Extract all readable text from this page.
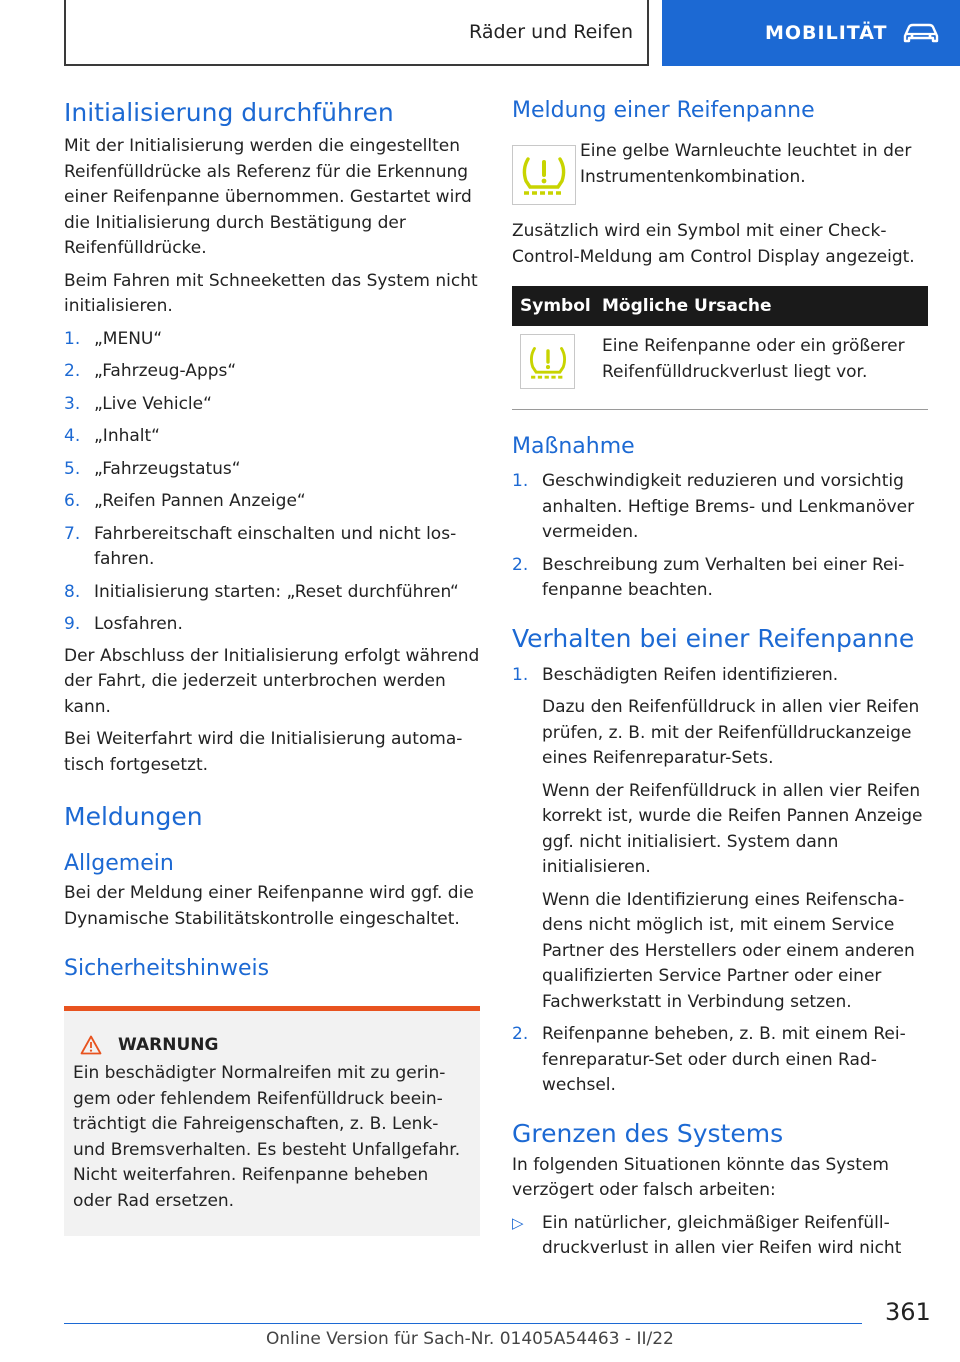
Räder und Reifen	MOBILITÄT
Initialisierung durchführen

Mit der Initialisierung werden die eingestellten Reifenfülldrücke als Referenz für die Erkennung einer Reifenpanne übernommen. Gestartet wird die Initialisierung durch Bestätigung der Reifenfülldrücke.

Beim Fahren mit Schneeketten das System nicht initialisieren.

1. „MENU“
2. „Fahrzeug-Apps“
3. „Live Vehicle“
4. „Inhalt“
5. „Fahrzeugstatus“
6. „Reifen Pannen Anzeige“
7. Fahrbereitschaft einschalten und nicht losfahren.
8. Initialisierung starten: „Reset durchführen“
9. Losfahren.

Der Abschluss der Initialisierung erfolgt während der Fahrt, die jederzeit unterbrochen werden kann.

Bei Weiterfahrt wird die Initialisierung automatisch fortgesetzt.

Meldungen
Allgemein

Bei der Meldung einer Reifenpanne wird ggf. die Dynamische Stabilitätskontrolle eingeschaltet.

Sicherheitshinweis
WARNUNG

Ein beschädigter Normalreifen mit zu geringem oder fehlendem Reifenfülldruck beeinträchtigt die Fahreigenschaften, z. B. Lenk- und Bremsverhalten. Es besteht Unfallgefahr. Nicht weiterfahren. Reifenpanne beheben oder Rad ersetzen.

Meldung einer Reifenpanne

Eine gelbe Warnleuchte leuchtet in der Instrumentenkombination.

Zusätzlich wird ein Symbol mit einer Check-Control-Meldung am Control Display angezeigt.

Symbol	Mögliche Ursache

	Eine Reifenpanne oder ein größerer Reifenfülldruckverlust liegt vor.
Maßnahme
1. Geschwindigkeit reduzieren und vorsichtig anhalten. Heftige Brems- und Lenkmanöver vermeiden.
2. Beschreibung zum Verhalten bei einer Reifenpanne beachten.
Verhalten bei einer Reifenpanne
1. Beschädigten Reifen identifizieren.

Dazu den Reifenfülldruck in allen vier Reifen prüfen, z. B. mit der Reifenfülldruckanzeige eines Reifenreparatur-Sets.

Wenn der Reifenfülldruck in allen vier Reifen korrekt ist, wurde die Reifen Pannen Anzeige ggf. nicht initialisiert. System dann initialisieren.

Wenn die Identifizierung eines Reifenschadens nicht möglich ist, mit einem Service Partner des Herstellers oder einem anderen qualifizierten Service Partner oder einer Fachwerkstatt in Verbindung setzen.

2. Reifenpanne beheben, z. B. mit einem Reifenreparatur-Set oder durch einen Radwechsel.
Grenzen des Systems

In folgenden Situationen könnte das System verzögert oder falsch arbeiten:

▷	Ein natürlicher, gleichmäßiger Reifenfülldruckverlust in allen vier Reifen wird nicht
361
Online Version für Sach-Nr. 01405A54463 - II/22
